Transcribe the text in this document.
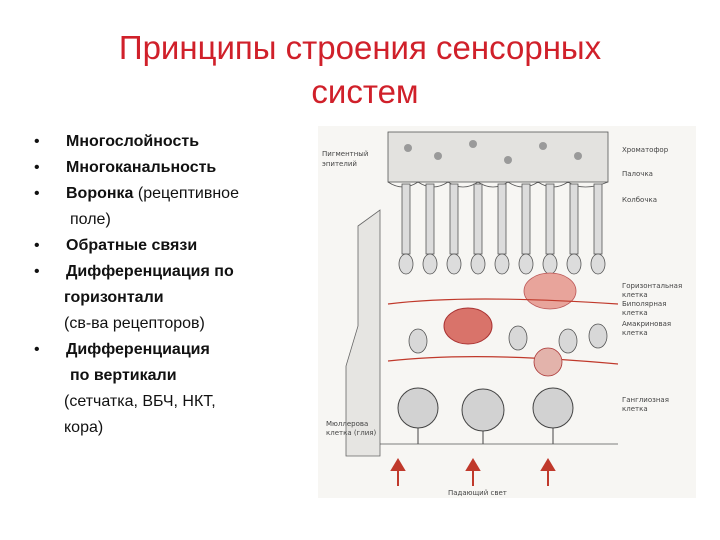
Принципы строения сенсорных
систем

•	Многослойность

•	Многоканальность

•	Воронка (рецептивное

поле)

•	Обратные связи

•	Дифференциация по

горизонтали

(св-ва рецепторов)

•	Дифференциация

по вертикали

(сетчатка, ВБЧ, НКТ,

кора)

Пигментный
эпителий
Хроматофор
Палочка
Колбочка
Горизонтальная
клетка
Биполярная
клетка
Амакриновая
клетка
Ганглиозная
клетка
Мюллерова
клетка (глия)
Падающий свет
